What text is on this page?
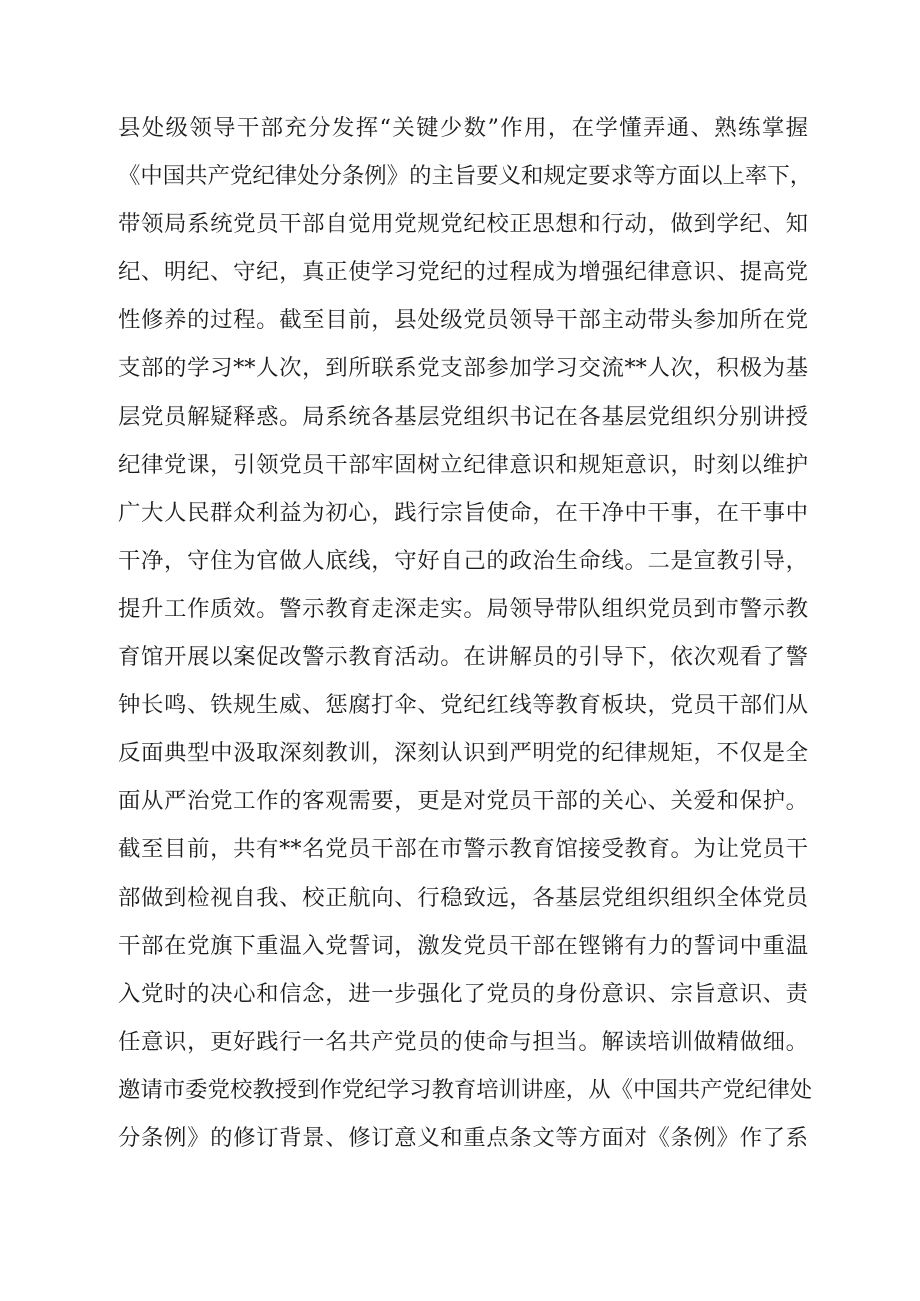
县处级领导干部充分发挥“关键少数”作用，在学懂弄通、熟练掌握
《中国共产党纪律处分条例》的主旨要义和规定要求等方面以上率下，
带领局系统党员干部自觉用党规党纪校正思想和行动，做到学纪、知
纪、明纪、守纪，真正使学习党纪的过程成为增强纪律意识、提高党
性修养的过程。截至目前，县处级党员领导干部主动带头参加所在党
支部的学习**人次，到所联系党支部参加学习交流**人次，积极为基
层党员解疑释惑。局系统各基层党组织书记在各基层党组织分别讲授
纪律党课，引领党员干部牢固树立纪律意识和规矩意识，时刻以维护
广大人民群众利益为初心，践行宗旨使命，在干净中干事，在干事中
干净，守住为官做人底线，守好自己的政治生命线。二是宣教引导，
提升工作质效。警示教育走深走实。局领导带队组织党员到市警示教
育馆开展以案促改警示教育活动。在讲解员的引导下，依次观看了警
钟长鸣、铁规生威、惩腐打伞、党纪红线等教育板块，党员干部们从
反面典型中汲取深刻教训，深刻认识到严明党的纪律规矩，不仅是全
面从严治党工作的客观需要，更是对党员干部的关心、关爱和保护。
截至目前，共有**名党员干部在市警示教育馆接受教育。为让党员干
部做到检视自我、校正航向、行稳致远，各基层党组织组织全体党员
干部在党旗下重温入党誓词，激发党员干部在铿锵有力的誓词中重温
入党时的决心和信念，进一步强化了党员的身份意识、宗旨意识、责
任意识，更好践行一名共产党员的使命与担当。解读培训做精做细。
邀请市委党校教授到作党纪学习教育培训讲座，从《中国共产党纪律处
分条例》的修订背景、修订意义和重点条文等方面对《条例》作了系
